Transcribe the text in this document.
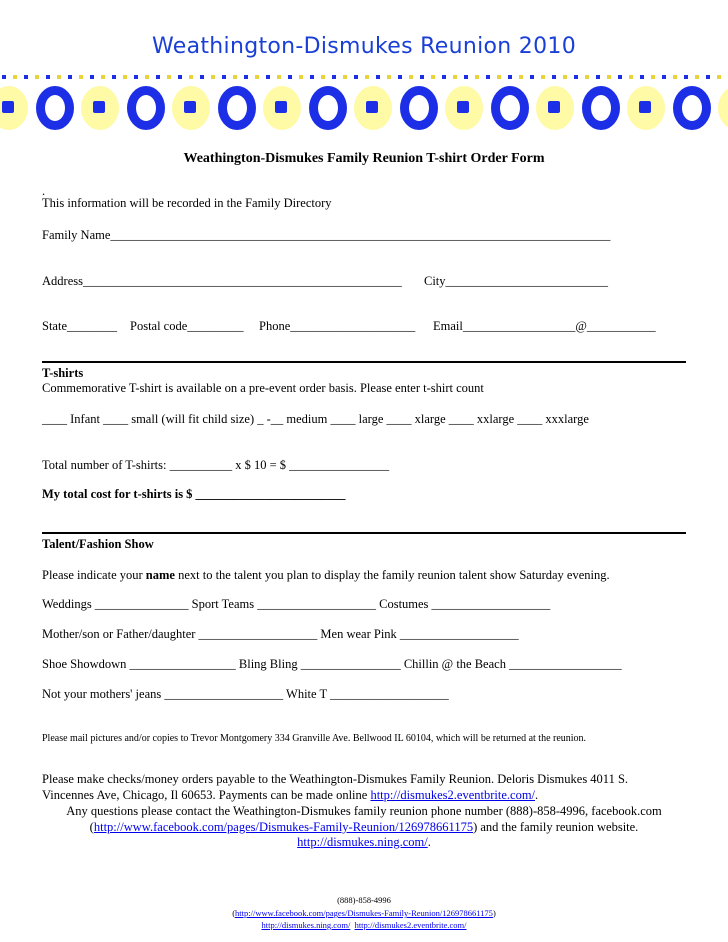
Weathington-Dismukes Reunion 2010
Weathington-Dismukes Family Reunion T-shirt Order Form
.
This information will be recorded in the Family Directory
Family Name________________________________________________________________________________
Address___________________________________________________ City__________________________
State________ Postal code_________ Phone____________________ Email__________________@___________
T-shirts
Commemorative T-shirt is available on a pre-event order basis. Please enter t-shirt count
____ Infant ____ small (will fit child size) _ -__ medium ____ large ____ xlarge ____ xxlarge ____ xxxlarge
Total number of T-shirts: __________ x $ 10 = $ ________________
My total cost for t-shirts is $ ________________________
Talent/Fashion Show
Please indicate your name next to the talent you plan to display the family reunion talent show Saturday evening.
Weddings _______________ Sport Teams ___________________ Costumes ___________________
Mother/son or Father/daughter ___________________ Men wear Pink ___________________
Shoe Showdown _________________ Bling Bling ________________ Chillin @ the Beach __________________
Not your mothers' jeans ___________________ White T ___________________
Please mail pictures and/or copies to Trevor Montgomery 334 Granville Ave. Bellwood IL 60104, which will be returned at the reunion.
Please make checks/money orders payable to the Weathington-Dismukes Family Reunion. Deloris Dismukes 4011 S.
Vincennes Ave, Chicago, Il 60653. Payments can be made online http://dismukes2.eventbrite.com/.
Any questions please contact the Weathington-Dismukes family reunion phone number (888)-858-4996, facebook.com
(http://www.facebook.com/pages/Dismukes-Family-Reunion/126978661175) and the family reunion website.
http://dismukes.ning.com/.
(888)-858-4996
(http://www.facebook.com/pages/Dismukes-Family-Reunion/126978661175)
http://dismukes.ning.com/ http://dismukes2.eventbrite.com/
